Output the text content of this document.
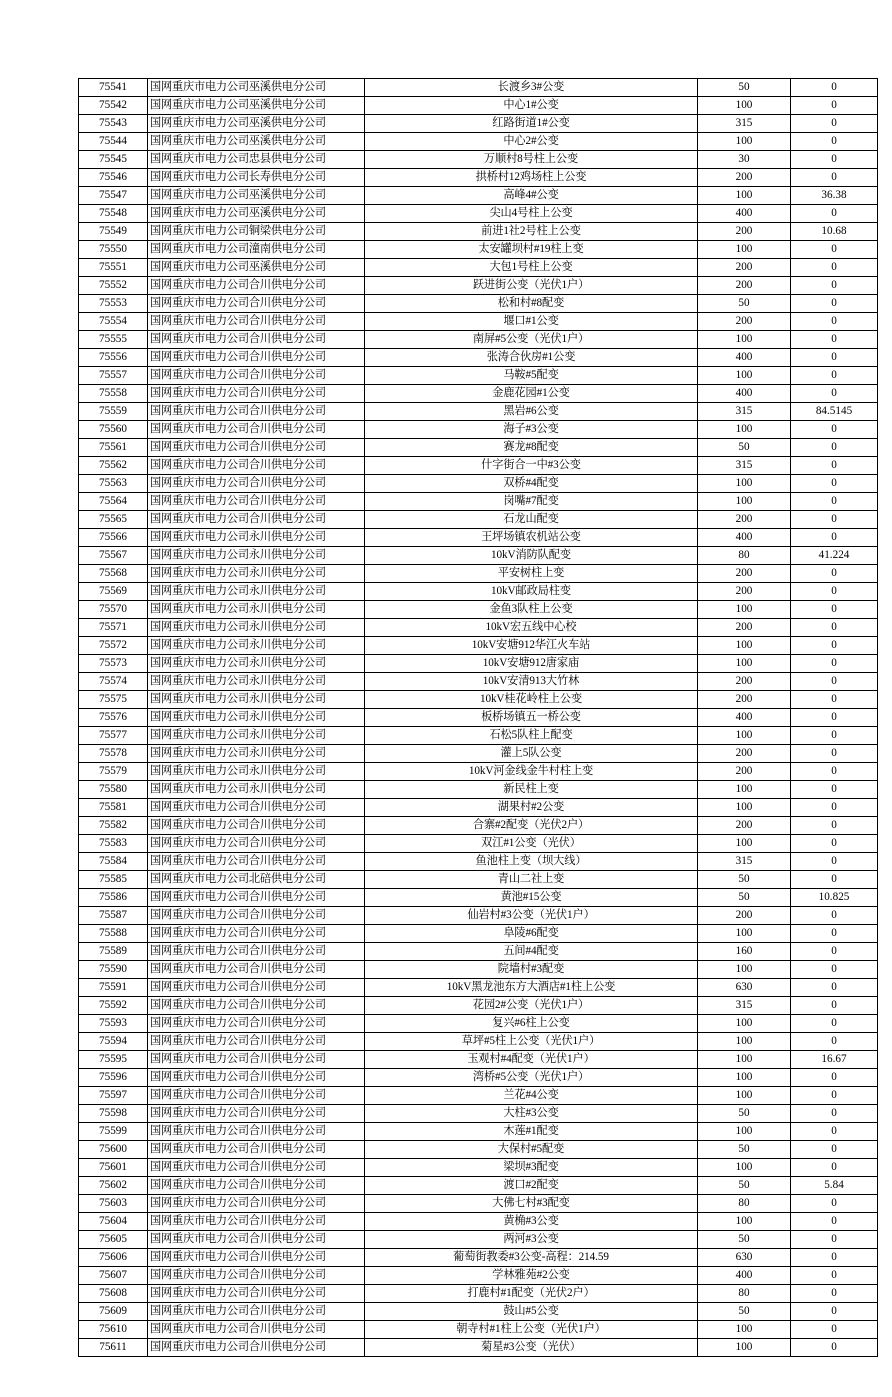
75541	国网重庆市电力公司巫溪供电分公司	长渡乡3#公变	50	0
75542	国网重庆市电力公司巫溪供电分公司	中心1#公变	100	0
75543	国网重庆市电力公司巫溪供电分公司	红路街道1#公变	315	0
75544	国网重庆市电力公司巫溪供电分公司	中心2#公变	100	0
75545	国网重庆市电力公司忠县供电分公司	万顺村8号柱上公变	30	0
75546	国网重庆市电力公司长寿供电分公司	拱桥村12鸡场柱上公变	200	0
75547	国网重庆市电力公司巫溪供电分公司	高峰4#公变	100	36.38
75548	国网重庆市电力公司巫溪供电分公司	尖山4号柱上公变	400	0
75549	国网重庆市电力公司铜梁供电分公司	前进1社2号柱上公变	200	10.68
75550	国网重庆市电力公司潼南供电分公司	太安罐坝村#19柱上变	100	0
75551	国网重庆市电力公司巫溪供电分公司	大包1号柱上公变	200	0
75552	国网重庆市电力公司合川供电分公司	跃进街公变（光伏1户）	200	0
75553	国网重庆市电力公司合川供电分公司	松和村#8配变	50	0
75554	国网重庆市电力公司合川供电分公司	堰口#1公变	200	0
75555	国网重庆市电力公司合川供电分公司	南屏#5公变（光伏1户）	100	0
75556	国网重庆市电力公司合川供电分公司	张涛合伙房#1公变	400	0
75557	国网重庆市电力公司合川供电分公司	马鞍#5配变	100	0
75558	国网重庆市电力公司合川供电分公司	金鹿花园#1公变	400	0
75559	国网重庆市电力公司合川供电分公司	黑岩#6公变	315	84.5145
75560	国网重庆市电力公司合川供电分公司	海子#3公变	100	0
75561	国网重庆市电力公司合川供电分公司	赛龙#8配变	50	0
75562	国网重庆市电力公司合川供电分公司	什字街合一中#3公变	315	0
75563	国网重庆市电力公司合川供电分公司	双桥#4配变	100	0
75564	国网重庆市电力公司合川供电分公司	岗嘴#7配变	100	0
75565	国网重庆市电力公司合川供电分公司	石龙山配变	200	0
75566	国网重庆市电力公司永川供电分公司	王坪场镇农机站公变	400	0
75567	国网重庆市电力公司永川供电分公司	10kV消防队配变	80	41.224
75568	国网重庆市电力公司永川供电分公司	平安树柱上变	200	0
75569	国网重庆市电力公司永川供电分公司	10kV邮政局柱变	200	0
75570	国网重庆市电力公司永川供电分公司	金鱼3队柱上公变	100	0
75571	国网重庆市电力公司永川供电分公司	10kV宏五线中心校	200	0
75572	国网重庆市电力公司永川供电分公司	10kV安塘912华江火车站	100	0
75573	国网重庆市电力公司永川供电分公司	10kV安塘912唐家庙	100	0
75574	国网重庆市电力公司永川供电分公司	10kV安清913大竹林	200	0
75575	国网重庆市电力公司永川供电分公司	10kV桂花岭柱上公变	200	0
75576	国网重庆市电力公司永川供电分公司	板桥场镇五一桥公变	400	0
75577	国网重庆市电力公司永川供电分公司	石松5队柱上配变	100	0
75578	国网重庆市电力公司永川供电分公司	灌上5队公变	200	0
75579	国网重庆市电力公司永川供电分公司	10kV河金线金牛村柱上变	200	0
75580	国网重庆市电力公司永川供电分公司	新民柱上变	100	0
75581	国网重庆市电力公司合川供电分公司	湖果村#2公变	100	0
75582	国网重庆市电力公司合川供电分公司	合寨#2配变（光伏2户）	200	0
75583	国网重庆市电力公司合川供电分公司	双江#1公变（光伏）	100	0
75584	国网重庆市电力公司合川供电分公司	鱼池柱上变（坝大线）	315	0
75585	国网重庆市电力公司北碚供电分公司	青山二社上变	50	0
75586	国网重庆市电力公司合川供电分公司	黄池#15公变	50	10.825
75587	国网重庆市电力公司合川供电分公司	仙岩村#3公变（光伏1户）	200	0
75588	国网重庆市电力公司合川供电分公司	阜陵#6配变	100	0
75589	国网重庆市电力公司合川供电分公司	五间#4配变	160	0
75590	国网重庆市电力公司合川供电分公司	院墙村#3配变	100	0
75591	国网重庆市电力公司合川供电分公司	10kV黑龙池东方大酒店#1柱上公变	630	0
75592	国网重庆市电力公司合川供电分公司	花园2#公变（光伏1户）	315	0
75593	国网重庆市电力公司合川供电分公司	复兴#6柱上公变	100	0
75594	国网重庆市电力公司合川供电分公司	草坪#5柱上公变（光伏1户）	100	0
75595	国网重庆市电力公司合川供电分公司	玉观村#4配变（光伏1户）	100	16.67
75596	国网重庆市电力公司合川供电分公司	湾桥#5公变（光伏1户）	100	0
75597	国网重庆市电力公司合川供电分公司	兰花#4公变	100	0
75598	国网重庆市电力公司合川供电分公司	大柱#3公变	50	0
75599	国网重庆市电力公司合川供电分公司	木莲#1配变	100	0
75600	国网重庆市电力公司合川供电分公司	大保村#5配变	50	0
75601	国网重庆市电力公司合川供电分公司	梁坝#3配变	100	0
75602	国网重庆市电力公司合川供电分公司	渡口#2配变	50	5.84
75603	国网重庆市电力公司合川供电分公司	大佛七村#3配变	80	0
75604	国网重庆市电力公司合川供电分公司	黄桷#3公变	100	0
75605	国网重庆市电力公司合川供电分公司	两河#3公变	50	0
75606	国网重庆市电力公司合川供电分公司	葡萄街教委#3公变-高程：214.59	630	0
75607	国网重庆市电力公司合川供电分公司	学林雅苑#2公变	400	0
75608	国网重庆市电力公司合川供电分公司	打鹿村#1配变（光伏2户）	80	0
75609	国网重庆市电力公司合川供电分公司	鼓山#5公变	50	0
75610	国网重庆市电力公司合川供电分公司	朝寺村#1柱上公变（光伏1户）	100	0
75611	国网重庆市电力公司合川供电分公司	菊星#3公变（光伏）	100	0
